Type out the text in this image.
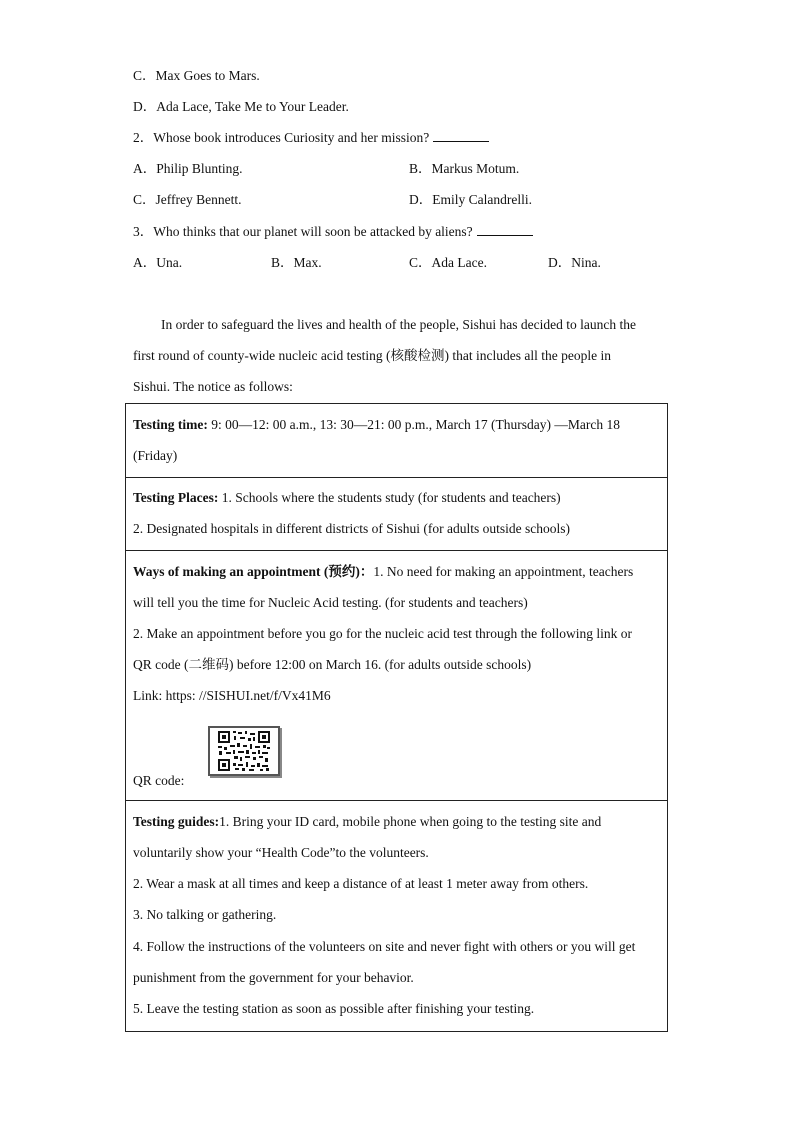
C．Max Goes to Mars.
D．Ada Lace, Take Me to Your Leader.
2．Whose book introduces Curiosity and her mission?
A．Philip Blunting.	B．Markus Motum.
C．Jeffrey Bennett.	D．Emily Calandrelli.
3．Who thinks that our planet will soon be attacked by aliens?
A．Una.	B．Max.	C．Ada Lace.	D．Nina.
In order to safeguard the lives and health of the people, Sishui has decided to launch the
first round of county-wide nucleic acid testing (核酸检测) that includes all the people in
Sishui. The notice as follows:
Testing time: 9: 00—12: 00 a.m., 13: 30—21: 00 p.m., March 17 (Thursday) —March 18
(Friday)
Testing Places: 1. Schools where the students study (for students and teachers)
2. Designated hospitals in different districts of Sishui (for adults outside schools)
Ways of making an appointment (预约)：1. No need for making an appointment, teachers
will tell you the time for Nucleic Acid testing. (for students and teachers)
2. Make an appointment before you go for the nucleic acid test through the following link or
QR code (二维码) before 12:00 on March 16. (for adults outside schools)
Link: https: //SISHUI.net/f/Vx41M6
QR code:
Testing guides:1. Bring your ID card, mobile phone when going to the testing site and
voluntarily show your “Health Code”to the volunteers.
2. Wear a mask at all times and keep a distance of at least 1 meter away from others.
3. No talking or gathering.
4. Follow the instructions of the volunteers on site and never fight with others or you will get
punishment from the government for your behavior.
5. Leave the testing station as soon as possible after finishing your testing.
